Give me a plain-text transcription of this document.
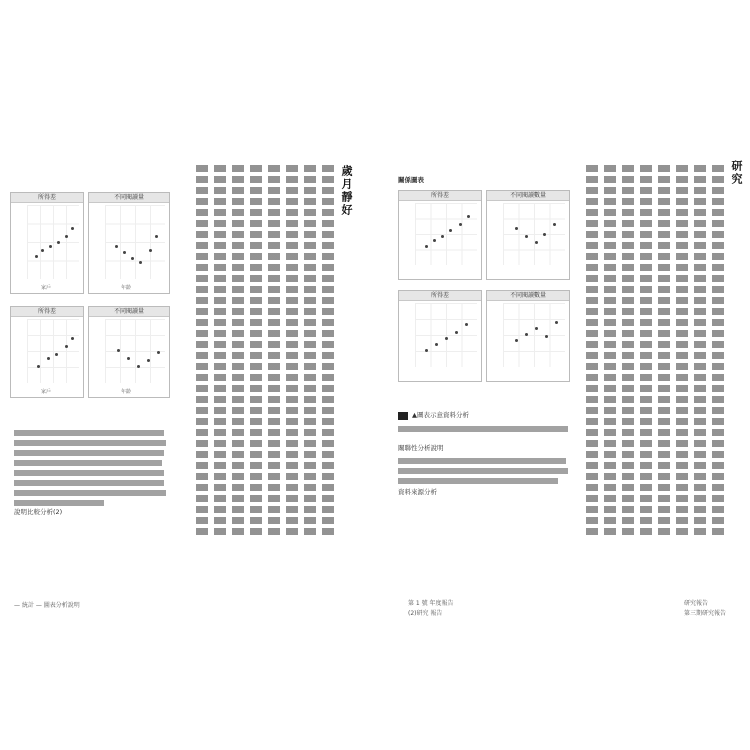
所得差
家戶
不同閱讀量
年齡
所得差
家戶
不同閱讀量
年齡
說明比較分析(2)
歲月靜好
— 統計 — 圖表分析說明
關係圖表
所得差	不同閱讀數量
所得差	不同閱讀數量
▲圖表示意資料分析
關聯性分析說明
資料來源分析
第 1 號 年度報告
(2)研究 報告
研究
研究報告
第三期研究報告
